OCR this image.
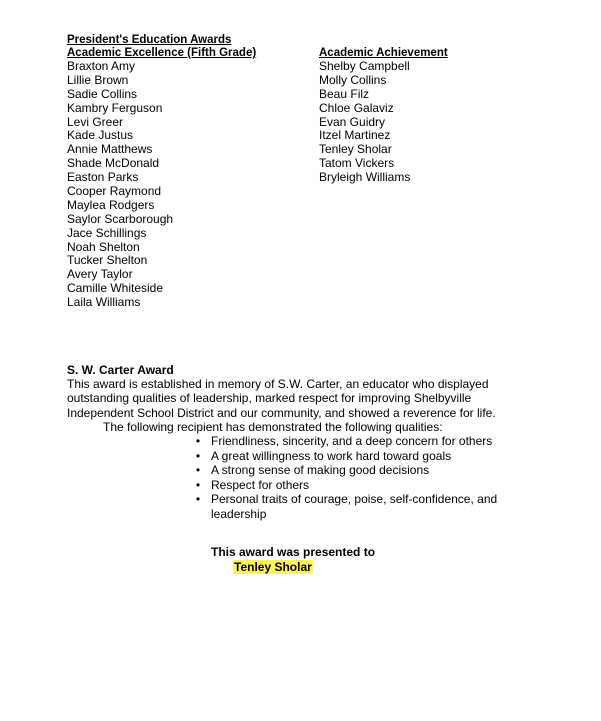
President's Education Awards
Academic Excellence (Fifth Grade)
Braxton Amy
Lillie Brown
Sadie Collins
Kambry Ferguson
Levi Greer
Kade Justus
Annie Matthews
Shade McDonald
Easton Parks
Cooper Raymond
Maylea Rodgers
Saylor Scarborough
Jace Schillings
Noah Shelton
Tucker Shelton
Avery Taylor
Camille Whiteside
Laila Williams
Academic Achievement
Shelby Campbell
Molly Collins
Beau Filz
Chloe Galaviz
Evan Guidry
Itzel Martinez
Tenley Sholar
Tatom Vickers
Bryleigh Williams
S. W. Carter Award

This award is established in memory of S.W. Carter, an educator who displayed outstanding qualities of leadership, marked respect for improving Shelbyville Independent School District and our community, and showed a reverence for life.

The following recipient has demonstrated the following qualities:

• Friendliness, sincerity, and a deep concern for others
• A great willingness to work hard toward goals
• A strong sense of making good decisions
• Respect for others
• Personal traits of courage, poise, self-confidence, and leadership
This award was presented to
Tenley Sholar
